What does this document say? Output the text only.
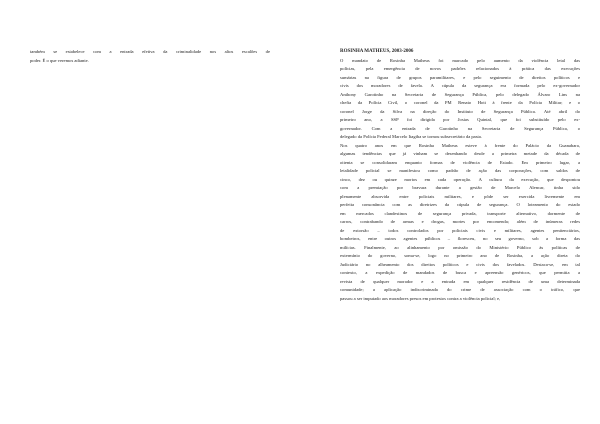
também se estabelece com a entrada efetiva da criminalidade nos altos escalões de
poder. É o que veremos adiante.

ROSINHA MATHEUS, 2003-2006

O mandato de Rosinha Matheus foi marcado pelo aumento da violência letal das
polícias, pela emergência de novos padrões relacionados à prática das execuções
sumárias na figura de grupos paramilitares, e pelo seguimento de direitos políticos e
civis dos moradores de favela. A cúpula da segurança era formada pelo ex-governador
Anthony Garotinho na Secretaria de Segurança Pública, pelo delegado Álvaro Lins na
chefia da Polícia Civil, o coronel da PM Renato Hott à frente da Polícia Militar; e o
coronel Jorge da Silva na direção do Instituto de Segurança Pública. Até abril do
primeiro ano, a SSP foi dirigida por Josias Quintal, que foi substituído pelo ex-
governador. Com a entrada de Garotinho na Secretaria de Segurança Pública, o
delegado da Polícia Federal Marcelo Itagiba se tornou subsecretário da pasta.
Nos quatro anos em que Rosinha Matheus esteve à frente do Palácio da Guanabara,
algumas tendências que já vinham se desenhando desde a primeira metade da década de
oitenta se consolidaram enquanto formas de violência de Estado. Em primeiro lugar, a
letalidade policial se manifestou como padrão de ação das corporações, com saldos de
cinco, dez ou quinze mortos em cada operação. A cultura da execução, que despontou
com a premiação por bravura durante a gestão de Marcelo Alencar, tinha sido
plenamente absorvida entre policiais militares, e pôde ser exercida livremente em
perfeita consonância com as diretrizes da cúpula de segurança. O loteamento do estado
em mercados clandestinos de segurança privada, transporte alternativo, dormente de
carros, contrabando de armas e drogas, mortes por encomenda; além de inúmeras redes
de extorsão – todos controlados por policiais civis e militares, agentes penitenciários,
bombeiros, entre outros agentes públicos – floresceu, no seu governo, sob a forma das
milícias. Finalmente, ao alinhamento por omissão do Ministério Público às políticas de
extermínio do governo, soma-se, logo no primeiro ano de Rosinha, a ação direta do
Judiciário no alheamento dos direitos políticos e civis dos favelados. Destaca-se, em tal
contexto, a expedição de mandados de busca e apreensão genéricos, que permitia a
revista de qualquer morador e a entrada em qualquer residência de uma determinada
comunidade; a aplicação indiscriminada do crime de associação com o tráfico, que
passou a ser imputado aos moradores presos em protestos contra a violência policial; e,
